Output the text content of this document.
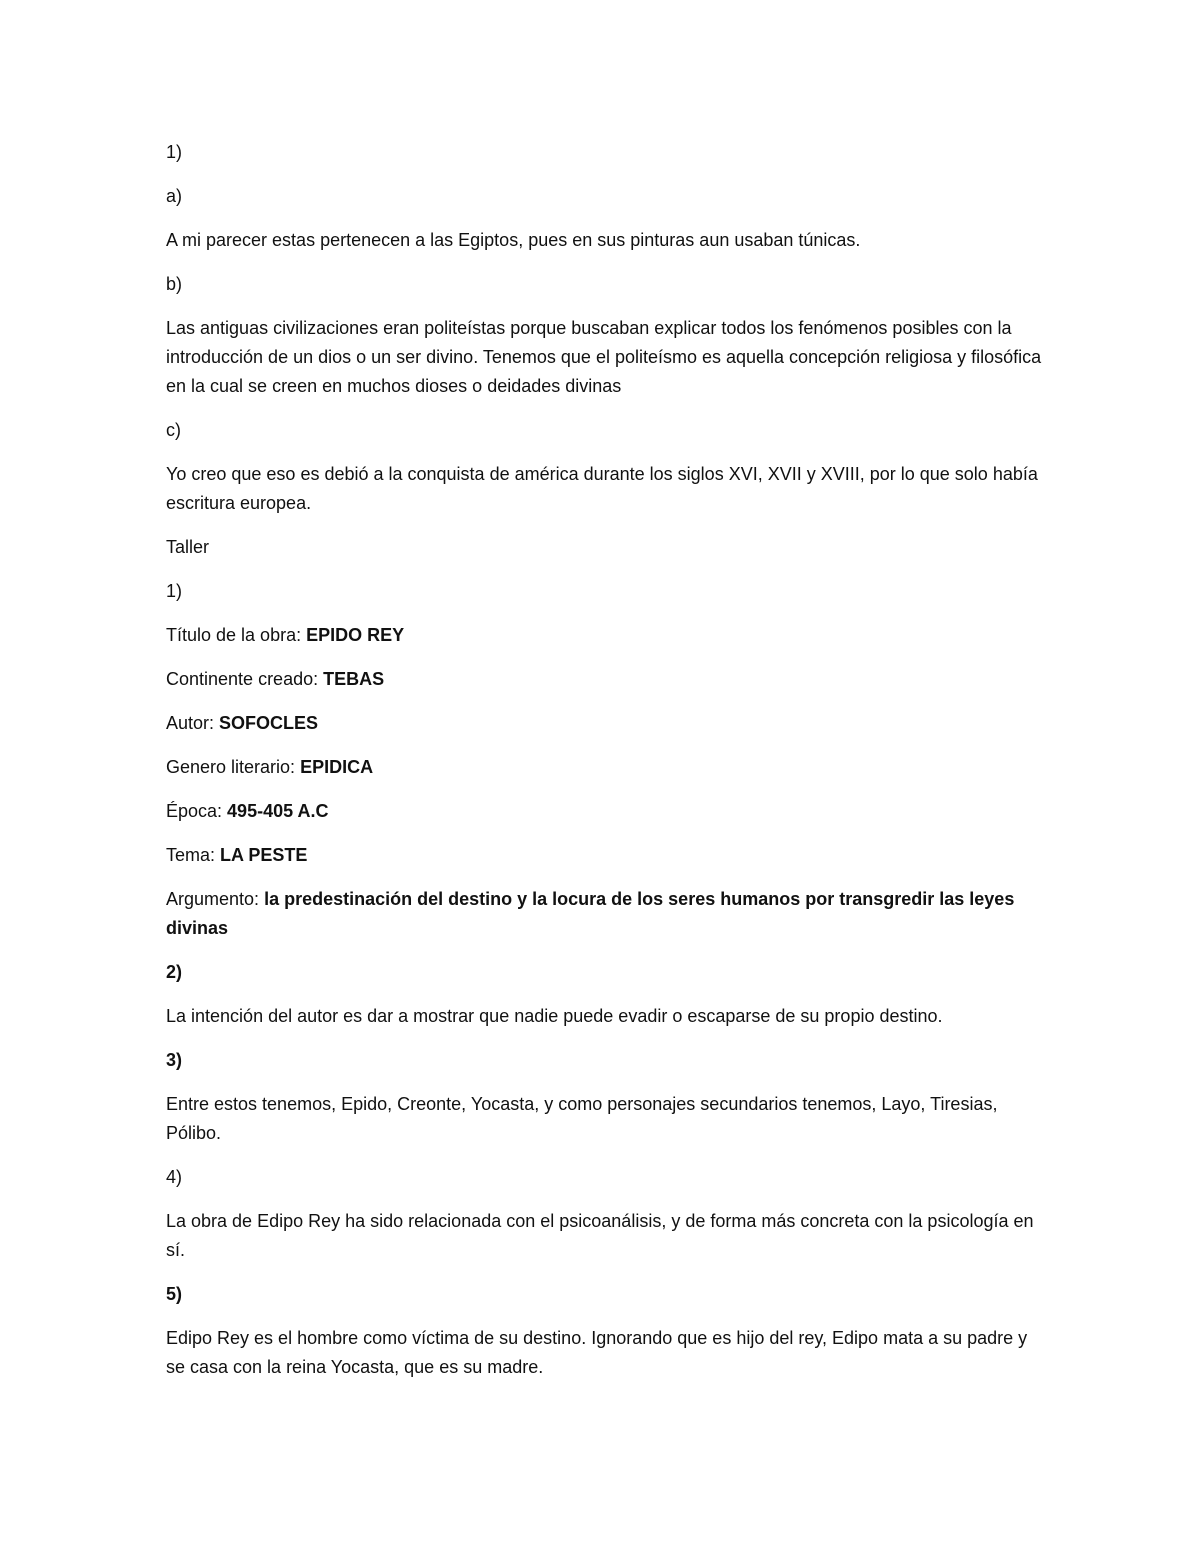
1)

a)

A mi parecer estas pertenecen a las Egiptos, pues en sus pinturas aun usaban túnicas.

b)

Las antiguas civilizaciones eran politeístas porque buscaban explicar todos los fenómenos posibles con la introducción de un dios o un ser divino. Tenemos que el politeísmo es aquella concepción religiosa y filosófica en la cual se creen en muchos dioses o deidades divinas

c)

Yo creo que eso es debió a la conquista de américa durante los siglos XVI, XVII y XVIII, por lo que solo había escritura europea.

Taller

1)

Título de la obra: EPIDO REY

Continente creado: TEBAS

Autor: SOFOCLES

Genero literario: EPIDICA

Época: 495-405 A.C

Tema: LA PESTE

Argumento: la predestinación del destino y la locura de los seres humanos por transgredir las leyes divinas

2)

La intención del autor es dar a mostrar que nadie puede evadir o escaparse de su propio destino.

3)

Entre estos tenemos, Epido, Creonte, Yocasta, y como personajes secundarios tenemos, Layo, Tiresias, Pólibo.

4)

La obra de Edipo Rey ha sido relacionada con el psicoanálisis, y de forma más concreta con la psicología en sí.

5)

Edipo Rey es el hombre como víctima de su destino. Ignorando que es hijo del rey, Edipo mata a su padre y se casa con la reina Yocasta, que es su madre.
